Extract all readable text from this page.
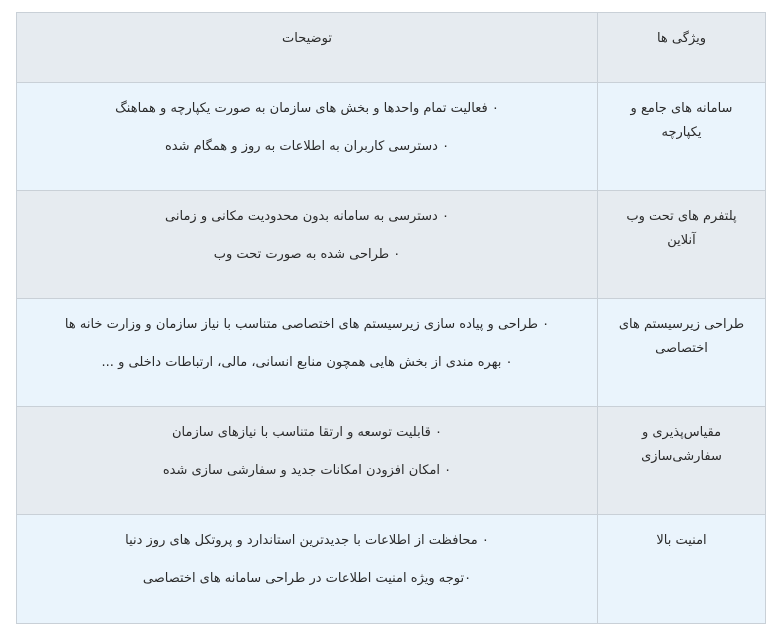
ویژگی ها	توضیحات
سامانه های جامع و یکپارچه	۰ فعالیت تمام واحدها و بخش های سازمان به صورت یکپارچه و هماهنگ
۰ دسترسی کاربران به اطلاعات به روز و همگام شده

پلتفرم های تحت وب آنلاین	۰ دسترسی به سامانه بدون محدودیت مکانی و زمانی
۰ طراحی شده به صورت تحت وب

طراحی زیرسیستم های اختصاصی	۰ طراحی و پیاده سازی زیرسیستم های اختصاصی متناسب با نیاز سازمان و وزارت خانه ها
۰ بهره مندی از بخش هایی همچون منابع انسانی، مالی، ارتباطات داخلی و ...

مقیاس‌پذیری و سفارشی‌سازی	۰ قابلیت توسعه و ارتقا متناسب با نیازهای سازمان
۰ امکان افزودن امکانات جدید و سفارشی سازی شده

امنیت بالا	۰ محافظت از اطلاعات با جدیدترین استاندارد و پروتکل های روز دنیا
۰توجه ویژه امنیت اطلاعات در طراحی سامانه های اختصاصی
